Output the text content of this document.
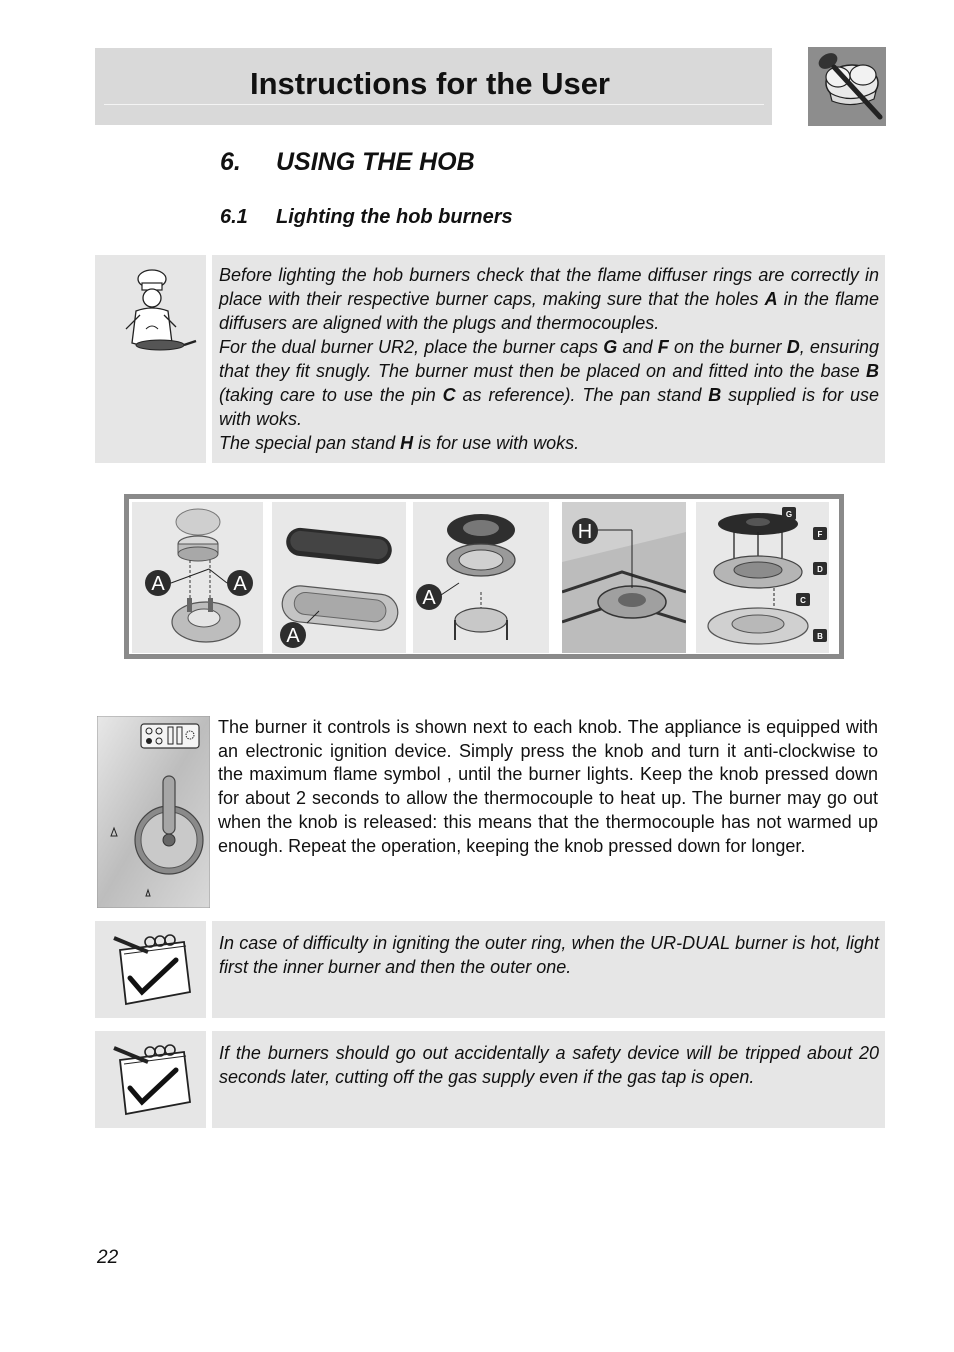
Instructions for the User
6. USING THE HOB
6.1 Lighting the hob burners

Before lighting the hob burners check that the flame diffuser rings are correctly in place with their respective burner caps, making sure that the holes A in the flame diffusers are aligned with the plugs and thermocouples.

For the dual burner UR2, place the burner caps G and F on the burner D, ensuring that they fit snugly. The burner must then be placed on and fitted into the base B (taking care to use the pin C as reference). The pan stand B supplied is for use with woks.

The special pan stand H is for use with woks.

A	A
A
A
H
G
F
D
C
B
The burner it controls is shown next to each knob. The appliance is equipped with an electronic ignition device. Simply press the knob and turn it anti-clockwise to the maximum flame symbol , until the burner lights. Keep the knob pressed down for about 2 seconds to allow the thermocouple to heat up. The burner may go out when the knob is released: this means that the thermocouple has not warmed up enough. Repeat the operation, keeping the knob pressed down for longer.
In case of difficulty in igniting the outer ring, when the UR-DUAL burner is hot, light first the inner burner and then the outer one.
If the burners should go out accidentally a safety device will be tripped about 20 seconds later, cutting off the gas supply even if the gas tap is open.
22
